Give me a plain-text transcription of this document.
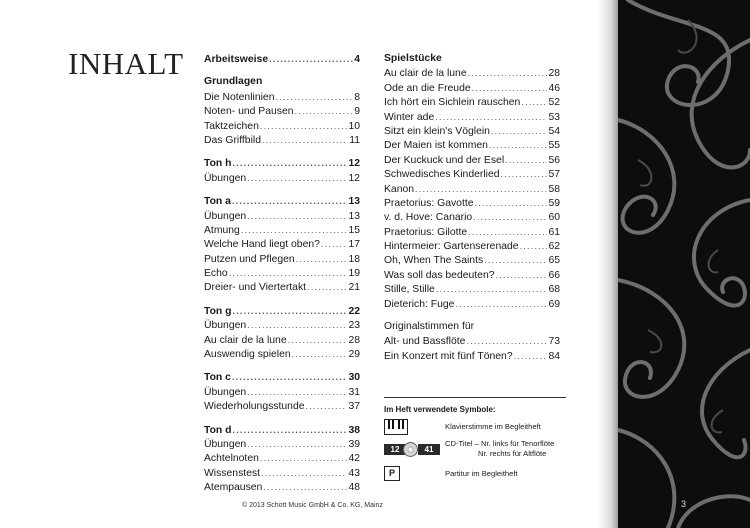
INHALT Arbeitsweise .....	4
Grundlagen
Die Notenlinien .....	8
Noten- und Pausen .....	9
Taktzeichen .....	10
Das Griffbild .....	11
Ton h .....	12
Übungen .....	12
Ton a .....	13
Übungen .....	13
Atmung .....	15
Welche Hand liegt oben? .....	17
Putzen und Pflegen .....	18
Echo .....	19
Dreier- und Viertertakt .....	21
Ton g .....	22
Übungen .....	23
Au clair de la lune .....	28
Auswendig spielen .....	29
Ton c .....	30
Übungen .....	31
Wiederholungsstunde .....	37
Ton d .....	38
Übungen .....	39
Achtelnoten .....	42
Wissenstest .....	43
Atempausen .....	48
Spielstücke
Au clair de la lune .....	28
Ode an die Freude .....	46
Ich hört ein Sichlein rauschen .....	52
Winter ade .....	53
Sitzt ein klein's Vöglein .....	54
Der Maien ist kommen .....	55
Der Kuckuck und der Esel .....	56
Schwedisches Kinderlied .....	57
Kanon .....	58
Praetorius: Gavotte .....	59
v. d. Hove: Canario .....	60
Praetorius: Gilotte .....	61
Hintermeier: Gartenserenade .....	62
Oh, When The Saints .....	65
Was soll das bedeuten? .....	66
Stille, Stille .....	68
Dieterich: Fuge .....	69
Originalstimmen für
Alt- und Bassflöte .....	73
Ein Konzert mit fünf Tönen? .....	84
Im Heft verwendete Symbole:
Klavierstimme im Begleitheft
12	41
CD-Titel – Nr. links für Tenorflöte
Nr. rechts für Altflöte
P	Partitur im Begleitheft
© 2013 Schott Music GmbH & Co. KG, Mainz	3
